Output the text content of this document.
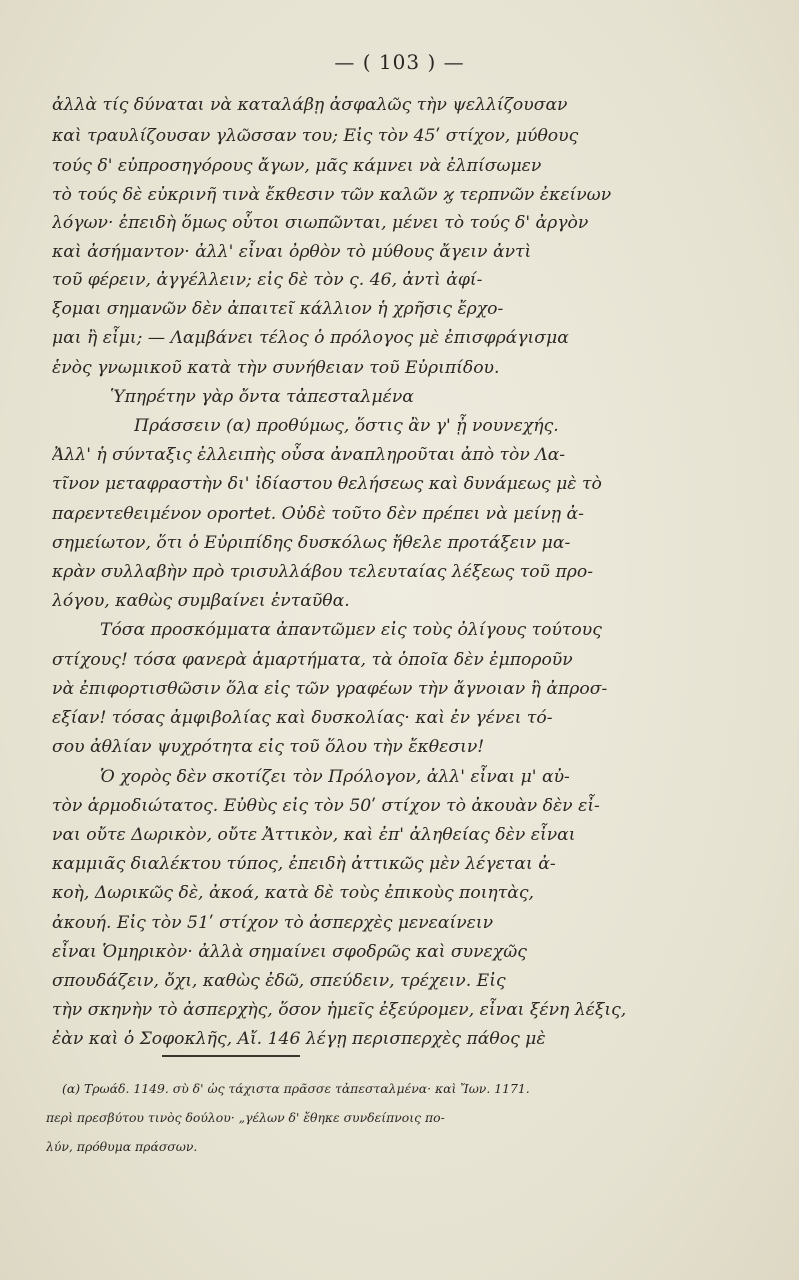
— ( 103 ) —
ἀλλὰ τίς δύναται νὰ καταλάβῃ ἀσφαλῶς τὴν ψελλίζουσαν
καὶ τραυλίζουσαν γλῶσσαν του; Εἰς τὸν 45ʹ στίχον, μύθους
τούς δ' εὐπροσηγόρους ἄγων, μᾶς κάμνει νὰ ἐλπίσωμεν
τὸ τούς δὲ εὐκρινῆ τινὰ ἔκθεσιν τῶν καλῶν ϗ τερπνῶν ἐκείνων
λόγων· ἐπειδὴ ὅμως οὗτοι σιωπῶνται, μένει τὸ τούς δ' ἀργὸν
καὶ ἀσήμαντον· ἀλλ' εἶναι ὀρθὸν τὸ μύθους ἄγειν ἀντὶ
τοῦ φέρειν, ἀγγέλλειν; εἰς δὲ τὸν ς. 46, ἀντὶ ἀφί-
ξομαι σημανῶν δὲν ἀπαιτεῖ κάλλιον ἡ χρῆσις ἔρχο-
μαι ἢ εἶμι; — Λαμβάνει τέλος ὁ πρόλογος μὲ ἐπισφράγισμα
ἑνὸς γνωμικοῦ κατὰ τὴν συνήθειαν τοῦ Εὐριπίδου.
Ὑπηρέτην γὰρ ὄντα τἀπεσταλμένα
Πράσσειν (α) προθύμως, ὅστις ἂν γ' ᾖ νουνεχής.
Ἀλλ' ἡ σύνταξις ἐλλειπὴς οὖσα ἀναπληροῦται ἀπὸ τὸν Λα-
τῖνον μεταφραστὴν δι' ἰδίαστου θελήσεως καὶ δυνάμεως μὲ τὸ
παρεντεθειμένον oportet. Οὐδὲ τοῦτο δὲν πρέπει νὰ μείνῃ ἀ-
σημείωτον, ὅτι ὁ Εὐριπίδης δυσκόλως ἤθελε προτάξειν μα-
κρὰν συλλαβὴν πρὸ τρισυλλάβου τελευταίας λέξεως τοῦ προ-
λόγου, καθὼς συμβαίνει ἐνταῦθα.
Τόσα προσκόμματα ἀπαντῶμεν εἰς τοὺς ὀλίγους τούτους
στίχους! τόσα φανερὰ ἁμαρτήματα, τὰ ὁποῖα δὲν ἐμποροῦν
νὰ ἐπιφορτισθῶσιν ὅλα εἰς τῶν γραφέων τὴν ἄγνοιαν ἢ ἀπροσ-
εξίαν! τόσας ἀμφιβολίας καὶ δυσκολίας· καὶ ἐν γένει τό-
σου ἀθλίαν ψυχρότητα εἰς τοῦ ὅλου τὴν ἔκθεσιν!
Ὁ χορὸς δὲν σκοτίζει τὸν Πρόλογον, ἀλλ' εἶναι μ' αὐ-
τὸν ἁρμοδιώτατος. Εὐθὺς εἰς τὸν 50ʹ στίχον τὸ ἀκουὰν δὲν εἶ-
ναι οὔτε Δωρικὸν, οὔτε Ἀττικὸν, καὶ ἐπ' ἀληθείας δὲν εἶναι
καμμιᾶς διαλέκτου τύπος, ἐπειδὴ ἀττικῶς μὲν λέγεται ἀ-
κοὴ, Δωρικῶς δὲ, ἀκοά, κατὰ δὲ τοὺς ἐπικοὺς ποιητὰς,
ἀκουή. Εἰς τὸν 51ʹ στίχον τὸ ἀσπερχὲς μενεαίνειν
εἶναι Ὁμηρικὸν· ἀλλὰ σημαίνει σφοδρῶς καὶ συνεχῶς
σπουδάζειν, ὄχι, καθὼς ἐδῶ, σπεύδειν, τρέχειν. Εἰς
τὴν σκηνὴν τὸ ἀσπερχὴς, ὅσον ἡμεῖς ἐξεύρομεν, εἶναι ξένη λέξις,
ἐὰν καὶ ὁ Σοφοκλῆς, Αἴ. 146 λέγῃ περισπερχὲς πάθος μὲ
(α) Τρωάδ. 1149. σὺ δ' ὡς τάχιστα πρᾶσσε τἀπεσταλμένα· καὶ Ἴων. 1171.
περὶ πρεσβύτου τινὸς δούλου· „γέλων δ' ἔθηκε συνδείπνοις πο-
λύν, πρόθυμα πράσσων.
